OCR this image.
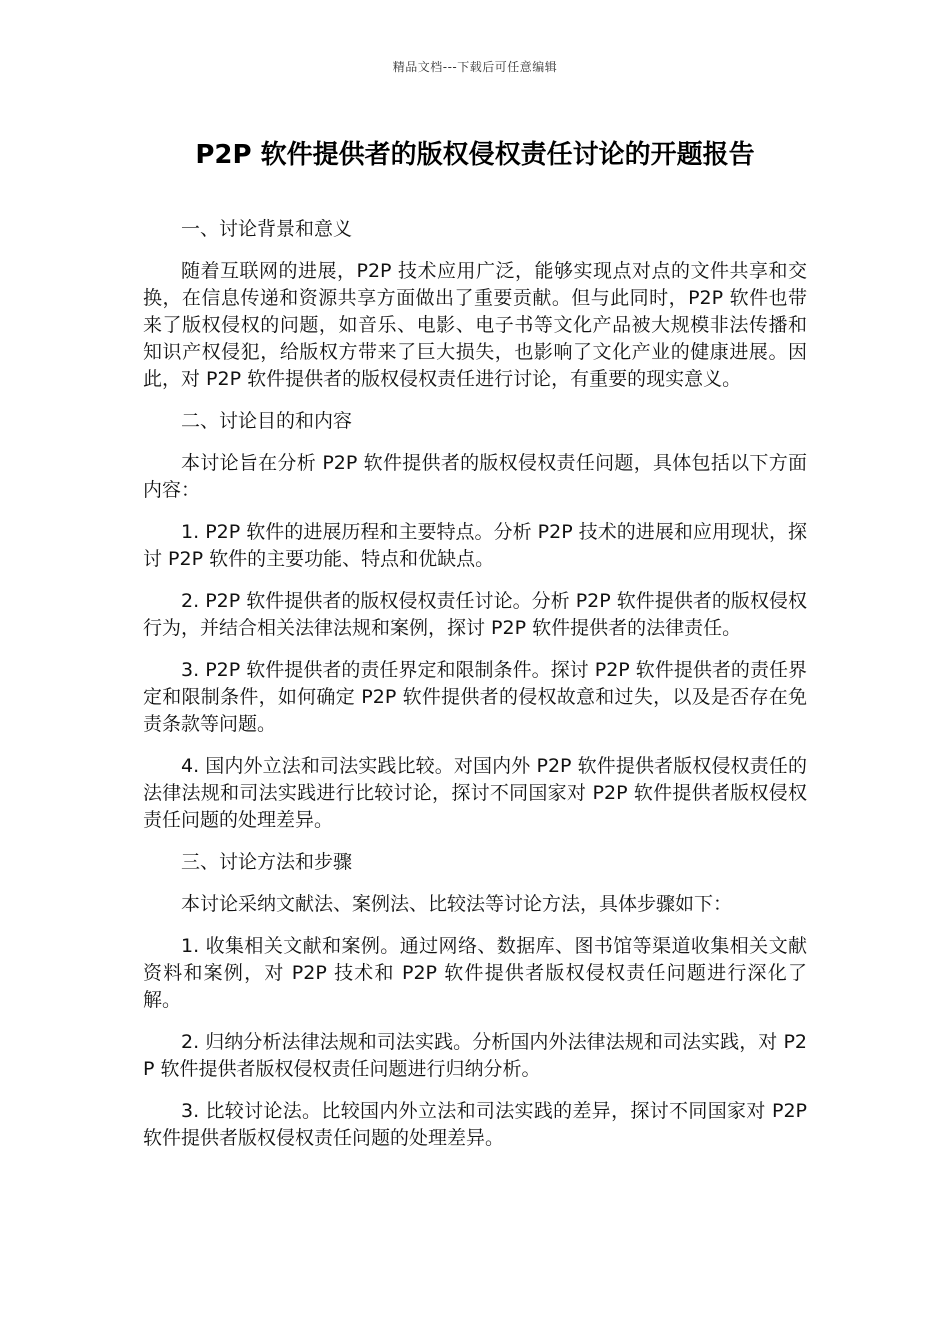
精品文档---下载后可任意编辑
P2P 软件提供者的版权侵权责任讨论的开题报告

一、讨论背景和意义

随着互联网的进展，P2P 技术应用广泛，能够实现点对点的文件共享和交换，在信息传递和资源共享方面做出了重要贡献。但与此同时，P2P 软件也带来了版权侵权的问题，如音乐、电影、电子书等文化产品被大规模非法传播和知识产权侵犯，给版权方带来了巨大损失，也影响了文化产业的健康进展。因此，对 P2P 软件提供者的版权侵权责任进行讨论，有重要的现实意义。

二、讨论目的和内容

本讨论旨在分析 P2P 软件提供者的版权侵权责任问题，具体包括以下方面内容：

1. P2P 软件的进展历程和主要特点。分析 P2P 技术的进展和应用现状，探讨 P2P 软件的主要功能、特点和优缺点。

2. P2P 软件提供者的版权侵权责任讨论。分析 P2P 软件提供者的版权侵权行为，并结合相关法律法规和案例，探讨 P2P 软件提供者的法律责任。

3. P2P 软件提供者的责任界定和限制条件。探讨 P2P 软件提供者的责任界定和限制条件，如何确定 P2P 软件提供者的侵权故意和过失，以及是否存在免责条款等问题。

4. 国内外立法和司法实践比较。对国内外 P2P 软件提供者版权侵权责任的法律法规和司法实践进行比较讨论，探讨不同国家对 P2P 软件提供者版权侵权责任问题的处理差异。

三、讨论方法和步骤

本讨论采纳文献法、案例法、比较法等讨论方法，具体步骤如下：

1. 收集相关文献和案例。通过网络、数据库、图书馆等渠道收集相关文献资料和案例，对 P2P 技术和 P2P 软件提供者版权侵权责任问题进行深化了解。

2. 归纳分析法律法规和司法实践。分析国内外法律法规和司法实践，对 P2P 软件提供者版权侵权责任问题进行归纳分析。

3. 比较讨论法。比较国内外立法和司法实践的差异，探讨不同国家对 P2P 软件提供者版权侵权责任问题的处理差异。
